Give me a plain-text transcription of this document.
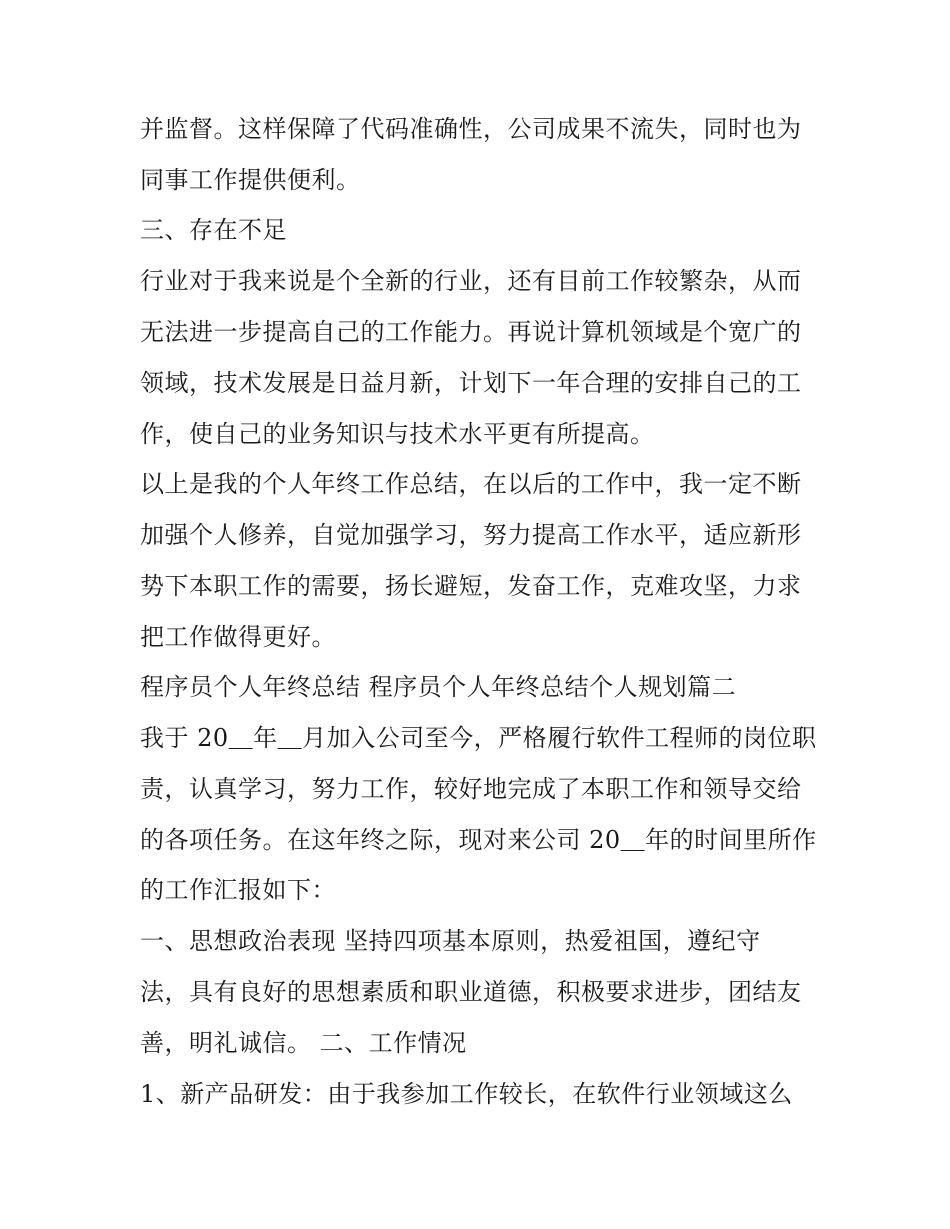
并监督。这样保障了代码准确性，公司成果不流失，同时也为
同事工作提供便利。
三、存在不足
行业对于我来说是个全新的行业，还有目前工作较繁杂，从而
无法进一步提高自己的工作能力。再说计算机领域是个宽广的
领域，技术发展是日益月新，计划下一年合理的安排自己的工
作，使自己的业务知识与技术水平更有所提高。
以上是我的个人年终工作总结，在以后的工作中，我一定不断
加强个人修养，自觉加强学习，努力提高工作水平，适应新形
势下本职工作的需要，扬长避短，发奋工作，克难攻坚，力求
把工作做得更好。
程序员个人年终总结 程序员个人年终总结个人规划篇二
我于 20＿年＿月加入公司至今，严格履行软件工程师的岗位职
责，认真学习，努力工作，较好地完成了本职工作和领导交给
的各项任务。在这年终之际，现对来公司 20＿年的时间里所作
的工作汇报如下：
一、思想政治表现 坚持四项基本原则，热爱祖国，遵纪守
法，具有良好的思想素质和职业道德，积极要求进步，团结友
善，明礼诚信。 二、工作情况
1、新产品研发：由于我参加工作较长，在软件行业领域这么
